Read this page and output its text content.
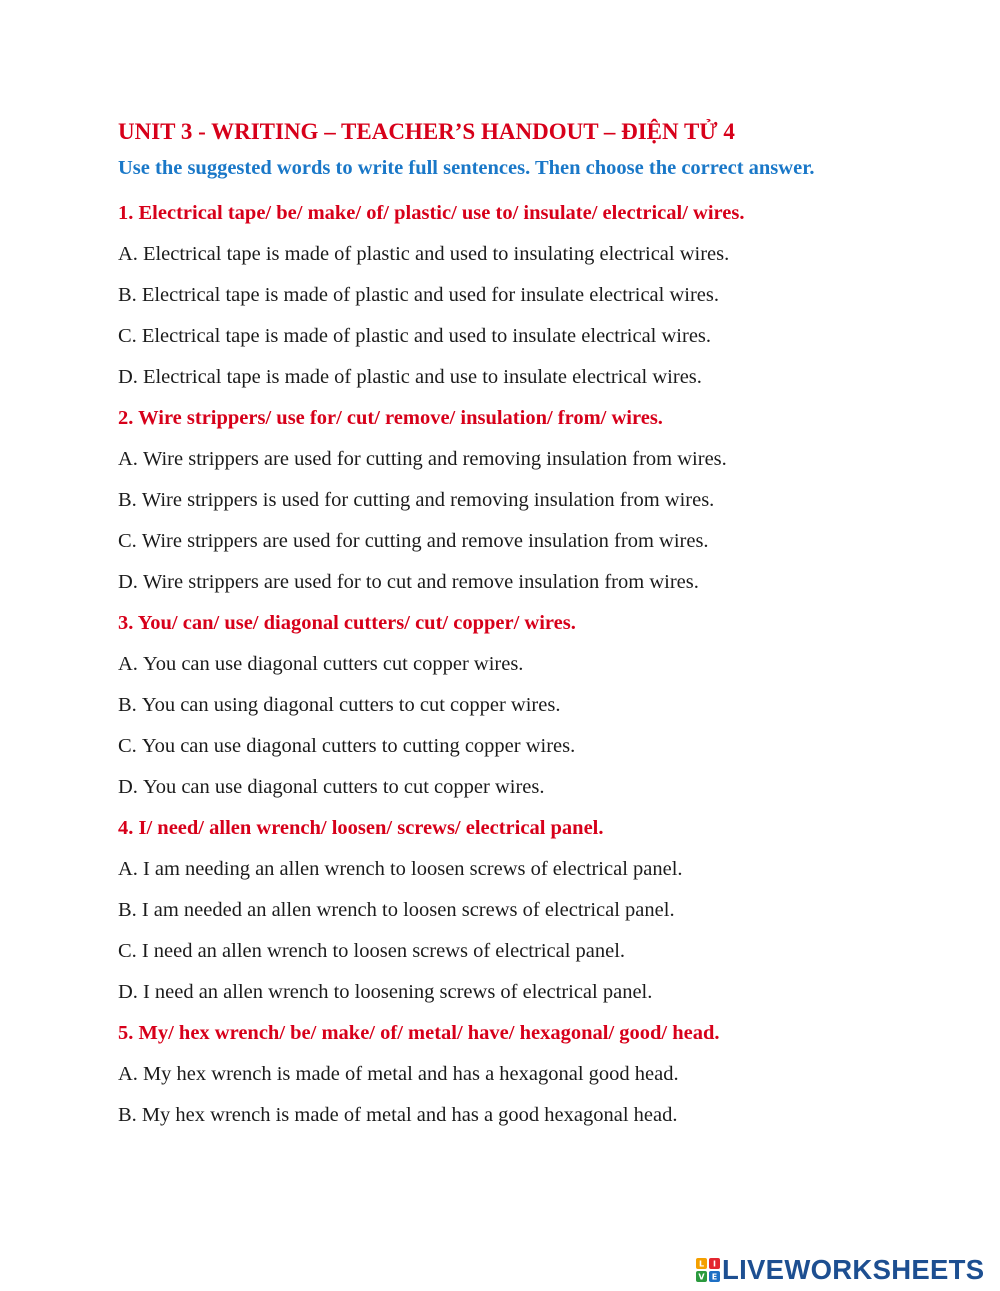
UNIT 3 - WRITING – TEACHER’S HANDOUT – ĐIỆN TỬ 4
Use the suggested words to write full sentences. Then choose the correct answer.
1. Electrical tape/ be/ make/ of/ plastic/ use to/ insulate/ electrical/ wires.
A. Electrical tape is made of plastic and used to insulating electrical wires.
B. Electrical tape is made of plastic and used for insulate electrical wires.
C. Electrical tape is made of plastic and used to insulate electrical wires.
D. Electrical tape is made of plastic and use to insulate electrical wires.
2. Wire strippers/ use for/ cut/ remove/ insulation/ from/ wires.
A. Wire strippers are used for cutting and removing insulation from wires.
B. Wire strippers is used for cutting and removing insulation from wires.
C. Wire strippers are used for cutting and remove insulation from wires.
D. Wire strippers are used for to cut and remove insulation from wires.
3. You/ can/ use/ diagonal cutters/ cut/ copper/ wires.
A. You can use diagonal cutters cut copper wires.
B. You can using diagonal cutters to cut copper wires.
C. You can use diagonal cutters to cutting copper wires.
D. You can use diagonal cutters to cut copper wires.
4. I/ need/ allen wrench/ loosen/ screws/ electrical panel.
A. I am needing an allen wrench to loosen screws of electrical panel.
B. I am needed an allen wrench to loosen screws of electrical panel.
C. I need an allen wrench to loosen screws of electrical panel.
D. I need an allen wrench to loosening screws of electrical panel.
5. My/ hex wrench/ be/ make/ of/ metal/ have/ hexagonal/ good/ head.
A. My hex wrench is made of metal and has a hexagonal good head.
B. My hex wrench is made of metal and has a good hexagonal head.
L I
V E LIVEWORKSHEETS
